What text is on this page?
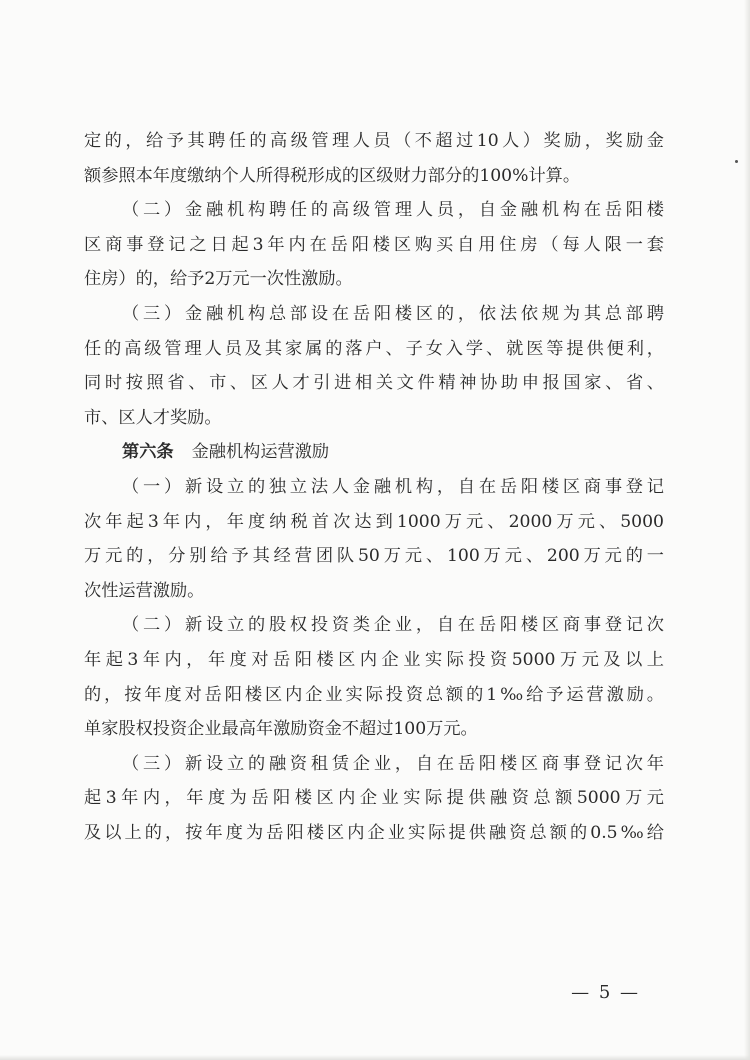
定的，给予其聘任的高级管理人员（不超过10人）奖励，奖励金
额参照本年度缴纳个人所得税形成的区级财力部分的100%计算。
（二）金融机构聘任的高级管理人员，自金融机构在岳阳楼
区商事登记之日起3年内在岳阳楼区购买自用住房（每人限一套
住房）的，给予2万元一次性激励。
（三）金融机构总部设在岳阳楼区的，依法依规为其总部聘
任的高级管理人员及其家属的落户、子女入学、就医等提供便利，
同时按照省、市、区人才引进相关文件精神协助申报国家、省、
市、区人才奖励。
第六条 金融机构运营激励
（一）新设立的独立法人金融机构，自在岳阳楼区商事登记
次年起3年内，年度纳税首次达到1000万元、2000万元、5000
万元的，分别给予其经营团队50万元、100万元、200万元的一
次性运营激励。
（二）新设立的股权投资类企业，自在岳阳楼区商事登记次
年起3年内，年度对岳阳楼区内企业实际投资5000万元及以上
的，按年度对岳阳楼区内企业实际投资总额的1‰给予运营激励。
单家股权投资企业最高年激励资金不超过100万元。
（三）新设立的融资租赁企业，自在岳阳楼区商事登记次年
起3年内，年度为岳阳楼区内企业实际提供融资总额5000万元
及以上的，按年度为岳阳楼区内企业实际提供融资总额的0.5‰给
— 5 —
